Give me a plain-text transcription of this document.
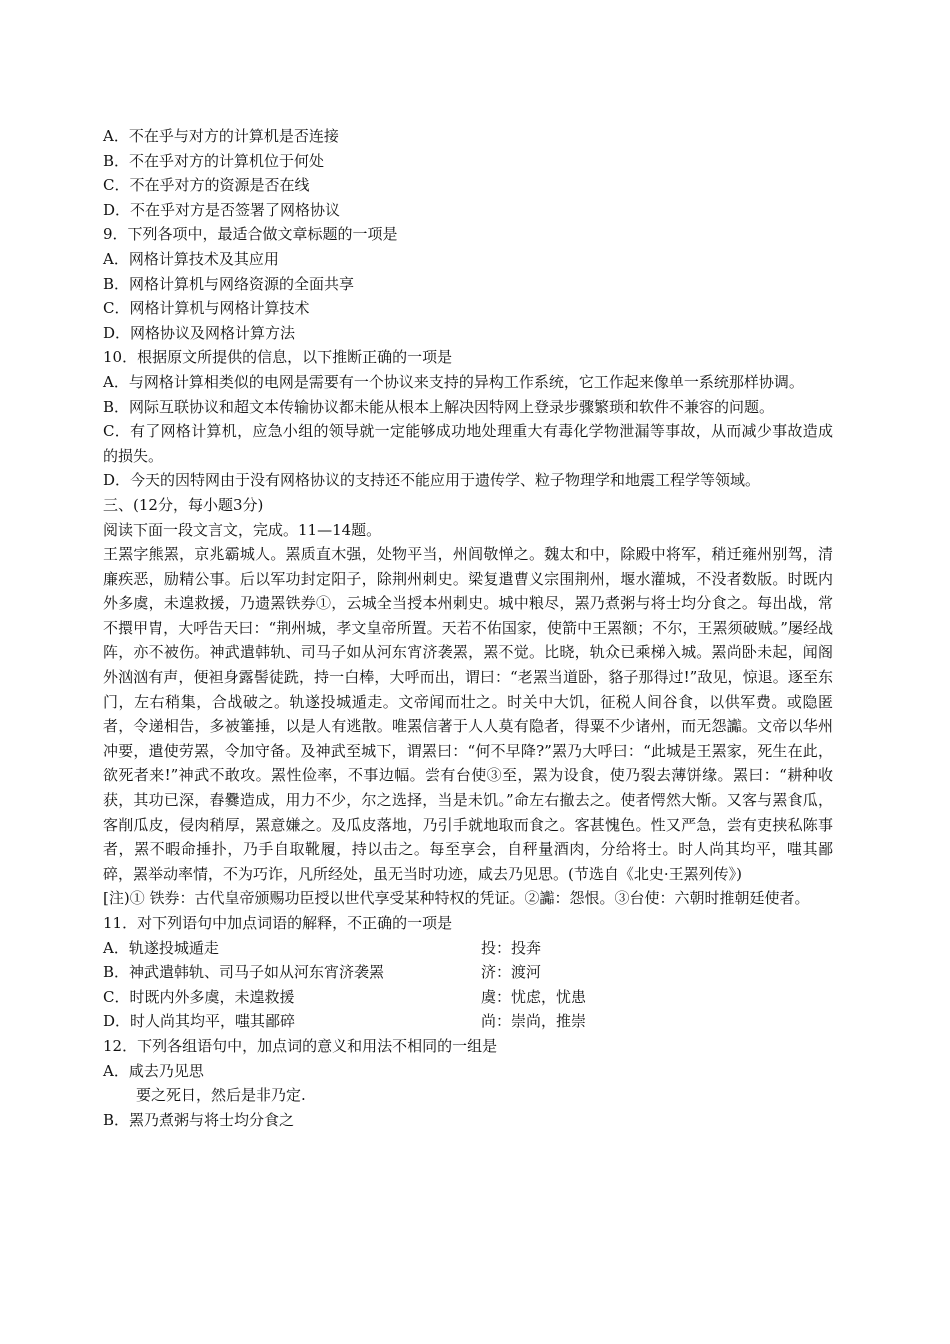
A．不在乎与对方的计算机是否连接
B．不在乎对方的计算机位于何处
C．不在乎对方的资源是否在线
D．不在乎对方是否签署了网格协议
9．下列各项中，最适合做文章标题的一项是
A．网格计算技术及其应用
B．网格计算机与网络资源的全面共享
C．网格计算机与网格计算技术
D．网格协议及网格计算方法
10．根据原文所提供的信息，以下推断正确的一项是
A．与网格计算相类似的电网是需要有一个协议来支持的异构工作系统，它工作起来像单一系统那样协调。
B．网际互联协议和超文本传输协议都未能从根本上解决因特网上登录步骤繁琐和软件不兼容的问题。
C．有了网格计算机，应急小组的领导就一定能够成功地处理重大有毒化学物泄漏等事故，从而减少事故造成的损失。
D．今天的因特网由于没有网格协议的支持还不能应用于遗传学、粒子物理学和地震工程学等领域。
三、(12分，每小题3分)
阅读下面一段文言文，完成。11—14题。
王罴字熊罴，京兆霸城人。罴质直木强，处物平当，州闾敬惮之。魏太和中，除殿中将军，稍迁雍州别驾，清廉疾恶，励精公事。后以军功封定阳子，除荆州刺史。梁复遣曹义宗围荆州，堰水灌城，不没者数版。时既内外多虞，未遑救援，乃遗罴铁券①，云城全当授本州刺史。城中粮尽，罴乃煮粥与将士均分食之。每出战，常不擐甲胄，大呼告天曰：“荆州城，孝文皇帝所置。天若不佑国家，使箭中王罴额；不尔，王罴须破贼。”屡经战阵，亦不被伤。神武遣韩轨、司马子如从河东宵济袭罴，罴不觉。比晓，轨众已乘梯入城。罴尚卧未起，闻阁外汹汹有声，便袒身露髻徒跣，持一白棒，大呼而出，谓曰：“老罴当道卧，貉子那得过!”敌见，惊退。逐至东门，左右稍集，合战破之。轨遂投城遁走。文帝闻而壮之。时关中大饥，征税人间谷食，以供军费。或隐匿者，令递相告，多被箠捶，以是人有逃散。唯罴信著于人人莫有隐者，得粟不少诸州，而无怨讟。文帝以华州冲要，遣使劳罴，令加守备。及神武至城下，谓罴曰：“何不早降?”罴乃大呼曰：“此城是王罴家，死生在此，欲死者来!”神武不敢攻。罴性俭率，不事边幅。尝有台使③至，罴为设食，使乃裂去薄饼缘。罴曰：“耕种收获，其功已深，舂爨造成，用力不少，尔之选择，当是未饥。”命左右撤去之。使者愕然大惭。又客与罴食瓜，客削瓜皮，侵肉稍厚，罴意嫌之。及瓜皮落地，乃引手就地取而食之。客甚愧色。性又严急，尝有吏挟私陈事者，罴不暇命捶扑，乃手自取靴履，持以击之。每至享会，自秤量酒肉，分给将士。时人尚其均平，嗤其鄙碎，罴举动率情，不为巧诈，凡所经处，虽无当时功迹，咸去乃见思。(节选自《北史·王罴列传》)
[注)① 铁券：古代皇帝颁赐功臣授以世代享受某种特权的凭证。②讟：怨恨。③台使：六朝时推朝廷使者。
11．对下列语句中加点词语的解释，不正确的一项是
A．轨遂投城遁走	投：投奔
B．神武遣韩轨、司马子如从河东宵济袭罴	济：渡河
C．时既内外多虞，未遑救援	虞：忧虑，忧患
D．时人尚其均平，嗤其鄙碎	尚：崇尚，推崇
12．下列各组语句中，加点词的意义和用法不相同的一组是
A．咸去乃见思
要之死日，然后是非乃定.
B．罴乃煮粥与将士均分食之
